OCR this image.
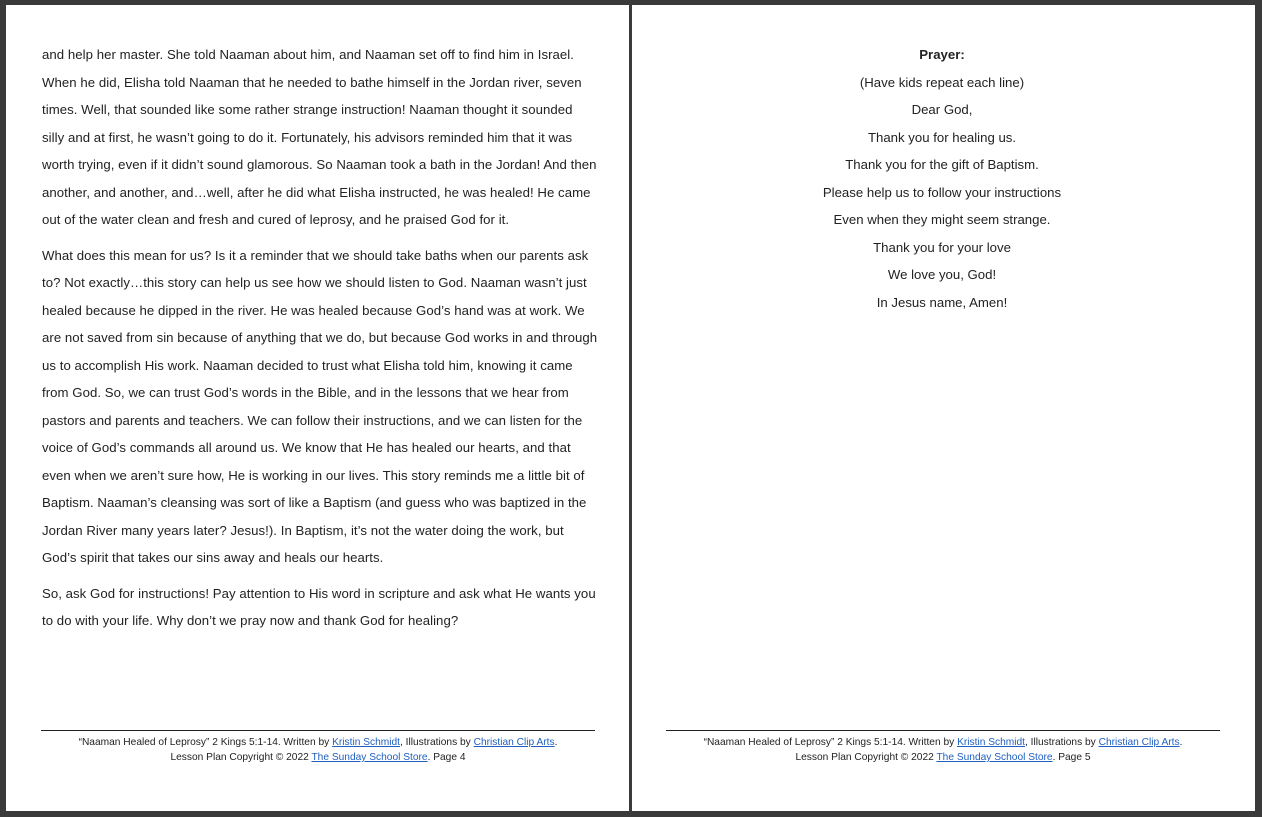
and help her master. She told Naaman about him, and Naaman set off to find him in Israel. When he did, Elisha told Naaman that he needed to bathe himself in the Jordan river, seven times. Well, that sounded like some rather strange instruction! Naaman thought it sounded silly and at first, he wasn’t going to do it. Fortunately, his advisors reminded him that it was worth trying, even if it didn’t sound glamorous. So Naaman took a bath in the Jordan! And then another, and another, and…well, after he did what Elisha instructed, he was healed! He came out of the water clean and fresh and cured of leprosy, and he praised God for it.

What does this mean for us? Is it a reminder that we should take baths when our parents ask to? Not exactly…this story can help us see how we should listen to God. Naaman wasn’t just healed because he dipped in the river. He was healed because God’s hand was at work. We are not saved from sin because of anything that we do, but because God works in and through us to accomplish His work. Naaman decided to trust what Elisha told him, knowing it came from God. So, we can trust God’s words in the Bible, and in the lessons that we hear from pastors and parents and teachers. We can follow their instructions, and we can listen for the voice of God’s commands all around us. We know that He has healed our hearts, and that even when we aren’t sure how, He is working in our lives. This story reminds me a little bit of Baptism. Naaman’s cleansing was sort of like a Baptism (and guess who was baptized in the Jordan River many years later? Jesus!). In Baptism, it’s not the water doing the work, but God’s spirit that takes our sins away and heals our hearts.

So, ask God for instructions! Pay attention to His word in scripture and ask what He wants you to do with your life. Why don’t we pray now and thank God for healing?

“Naaman Healed of Leprosy” 2 Kings 5:1-14. Written by Kristin Schmidt, Illustrations by Christian Clip Arts.
Lesson Plan Copyright © 2022 The Sunday School Store. Page 4
Prayer:
(Have kids repeat each line)
Dear God,
Thank you for healing us.
Thank you for the gift of Baptism.
Please help us to follow your instructions
Even when they might seem strange.
Thank you for your love
We love you, God!
In Jesus name, Amen!
“Naaman Healed of Leprosy” 2 Kings 5:1-14. Written by Kristin Schmidt, Illustrations by Christian Clip Arts.
Lesson Plan Copyright © 2022 The Sunday School Store. Page 5
